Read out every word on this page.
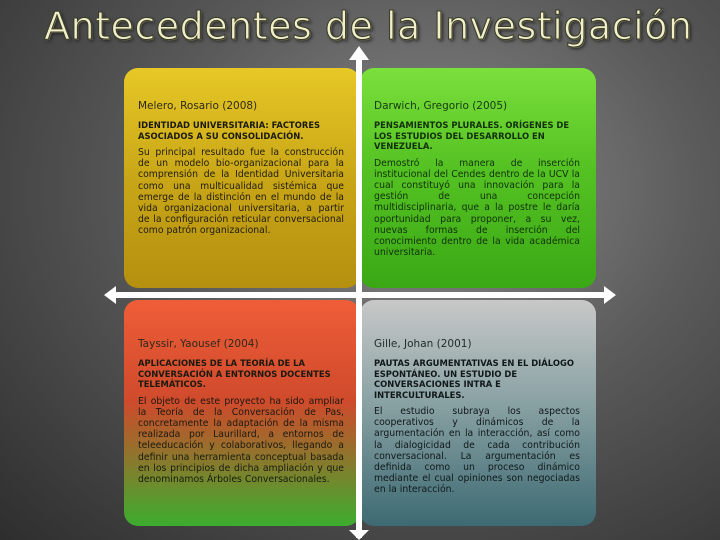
Antecedentes de la Investigación
Melero, Rosario (2008)
IDENTIDAD UNIVERSITARIA: FACTORES ASOCIADOS A SU CONSOLIDACIÓN.
Su principal resultado fue la construcción de un modelo bio-organizacional para la comprensión de la Identidad Universitaria como una multicualidad sistémica que emerge de la distinción en el mundo de la vida organizacional universitaria, a partir de la configuración reticular conversacional como patrón organizacional.
Darwich, Gregorio (2005)
PENSAMIENTOS PLURALES. ORÍGENES DE LOS ESTUDIOS DEL DESARROLLO EN VENEZUELA.
Demostró la manera de inserción institucional del Cendes dentro de la UCV la cual constituyó una innovación para la gestión de una concepción multidisciplinaria, que a la postre le daría oportunidad para proponer, a su vez, nuevas formas de inserción del conocimiento dentro de la vida académica universitaria.
Tayssir, Yaousef (2004)
APLICACIONES DE LA TEORÍA DE LA CONVERSACIÓN A ENTORNOS DOCENTES TELEMÁTICOS.
El objeto de este proyecto ha sido ampliar la Teoría de la Conversación de Pas, concretamente la adaptación de la misma realizada por Laurillard, a entornos de teleeducación y colaborativos, llegando a definir una herramienta conceptual basada en los principios de dicha ampliación y que denominamos Árboles Conversacionales.
Gille, Johan (2001)
PAUTAS ARGUMENTATIVAS EN EL DIÁLOGO ESPONTÁNEO. UN ESTUDIO DE CONVERSACIONES INTRA E INTERCULTURALES.
El estudio subraya los aspectos cooperativos y dinámicos de la argumentación en la interacción, así como la dialogicidad de cada contribución conversacional. La argumentación es definida como un proceso dinámico mediante el cual opiniones son negociadas en la interacción.
